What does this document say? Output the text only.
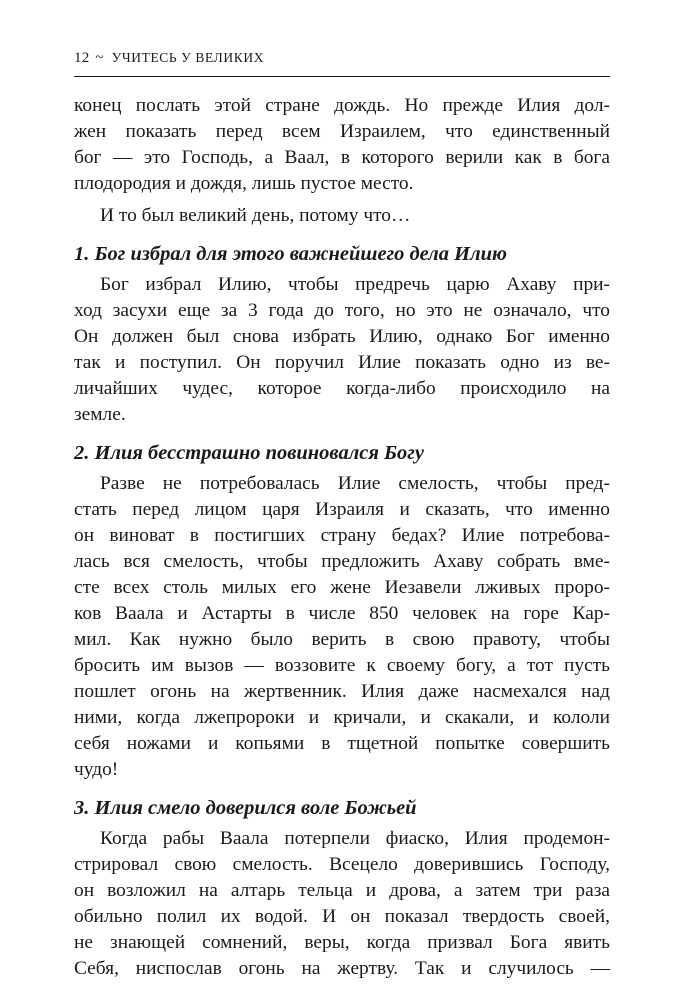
12 ~ УЧИТЕСЬ У ВЕЛИКИХ

конец послать этой стране дождь. Но прежде Илия дол-
жен показать перед всем Израилем, что единственный
бог — это Господь, а Ваал, в которого верили как в бога
плодородия и дождя, лишь пустое место.

И то был великий день, потому что…

1. Бог избрал для этого важнейшего дела Илию

Бог избрал Илию, чтобы предречь царю Ахаву при-
ход засухи еще за 3 года до того, но это не означало, что
Он должен был снова избрать Илию, однако Бог именно
так и поступил. Он поручил Илие показать одно из ве-
личайших чудес, которое когда-либо происходило на
земле.

2. Илия бесстрашно повиновался Богу

Разве не потребовалась Илие смелость, чтобы пред-
стать перед лицом царя Израиля и сказать, что именно
он виноват в постигших страну бедах? Илие потребова-
лась вся смелость, чтобы предложить Ахаву собрать вме-
сте всех столь милых его жене Иезавели лживых проро-
ков Ваала и Астарты в числе 850 человек на горе Кар-
мил. Как нужно было верить в свою правоту, чтобы
бросить им вызов — воззовите к своему богу, а тот пусть
пошлет огонь на жертвенник. Илия даже насмехался над
ними, когда лжепророки и кричали, и скакали, и кололи
себя ножами и копьями в тщетной попытке совершить
чудо!

3. Илия смело доверился воле Божьей

Когда рабы Ваала потерпели фиаско, Илия продемон-
стрировал свою смелость. Всецело доверившись Господу,
он возложил на алтарь тельца и дрова, а затем три раза
обильно полил их водой. И он показал твердость своей,
не знающей сомнений, веры, когда призвал Бога явить
Себя, ниспослав огонь на жертву. Так и случилось —
